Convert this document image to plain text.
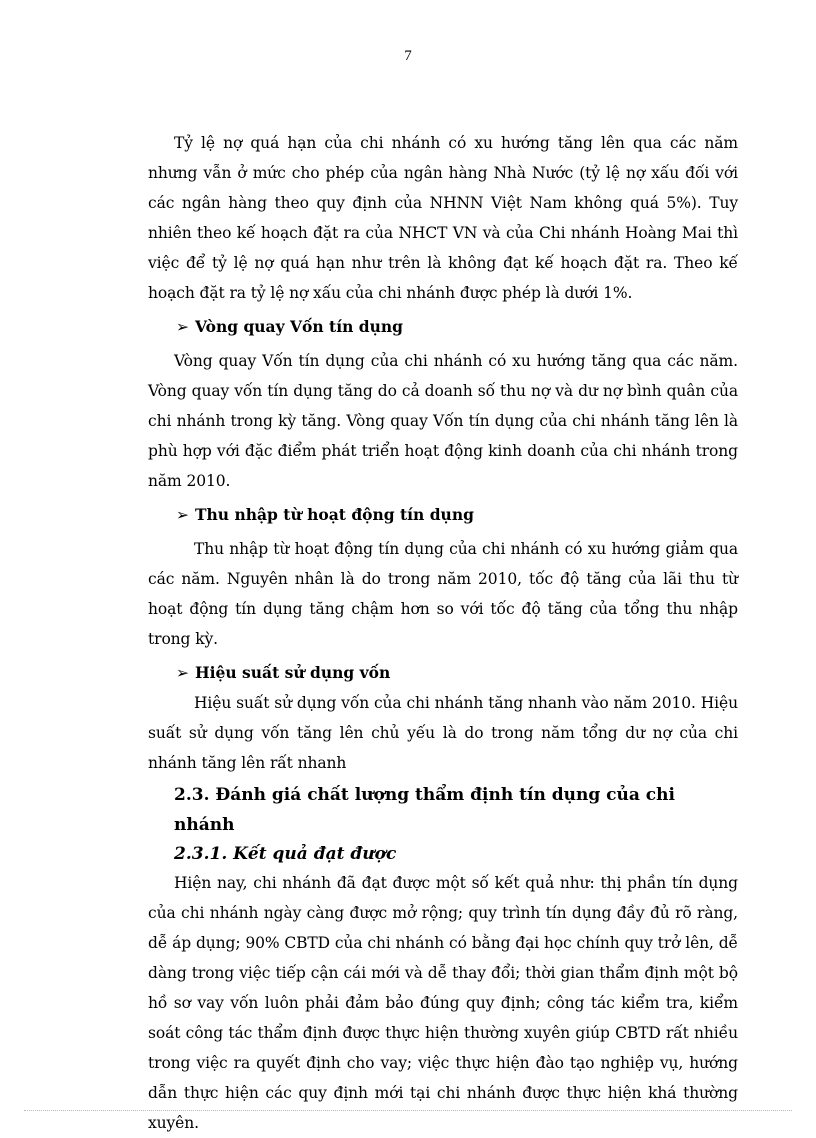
7

Tỷ lệ nợ quá hạn của chi nhánh có xu hướng tăng lên qua các năm nhưng vẫn ở mức cho phép của ngân hàng Nhà Nước (tỷ lệ nợ xấu đối với các ngân hàng theo quy định của NHNN Việt Nam không quá 5%). Tuy nhiên theo kế hoạch đặt ra của NHCT VN và của Chi nhánh Hoàng Mai thì việc để tỷ lệ nợ quá hạn như trên là không đạt kế hoạch đặt ra. Theo kế hoạch đặt ra tỷ lệ nợ xấu của chi nhánh được phép là dưới 1%.

➢ Vòng quay Vốn tín dụng

Vòng quay Vốn tín dụng của chi nhánh có xu hướng tăng qua các năm. Vòng quay vốn tín dụng tăng do cả doanh số thu nợ và dư nợ bình quân của chi nhánh trong kỳ tăng. Vòng quay Vốn tín dụng của chi nhánh tăng lên là phù hợp với đặc điểm phát triển hoạt động kinh doanh của chi nhánh trong năm 2010.

➢ Thu nhập từ hoạt động tín dụng

Thu nhập từ hoạt động tín dụng của chi nhánh có xu hướng giảm qua các năm. Nguyên nhân là do trong năm 2010, tốc độ tăng của lãi thu từ hoạt động tín dụng tăng chậm hơn so với tốc độ tăng của tổng thu nhập trong kỳ.

➢ Hiệu suất sử dụng vốn

Hiệu suất sử dụng vốn của chi nhánh tăng nhanh vào năm 2010. Hiệu suất sử dụng vốn tăng lên chủ yếu là do trong năm tổng dư nợ của chi nhánh tăng lên rất nhanh

2.3. Đánh giá chất lượng thẩm định tín dụng của chi nhánh
2.3.1. Kết quả đạt được

Hiện nay, chi nhánh đã đạt được một số kết quả như: thị phần tín dụng của chi nhánh ngày càng được mở rộng; quy trình tín dụng đầy đủ rõ ràng, dễ áp dụng; 90% CBTD của chi nhánh có bằng đại học chính quy trở lên, dễ dàng trong việc tiếp cận cái mới và dễ thay đổi; thời gian thẩm định một bộ hồ sơ vay vốn luôn phải đảm bảo đúng quy định; công tác kiểm tra, kiểm soát công tác thẩm định được thực hiện thường xuyên giúp CBTD rất nhiều trong việc ra quyết định cho vay; việc thực hiện đào tạo nghiệp vụ, hướng dẫn thực hiện các quy định mới tại chi nhánh được thực hiện khá thường xuyên.
